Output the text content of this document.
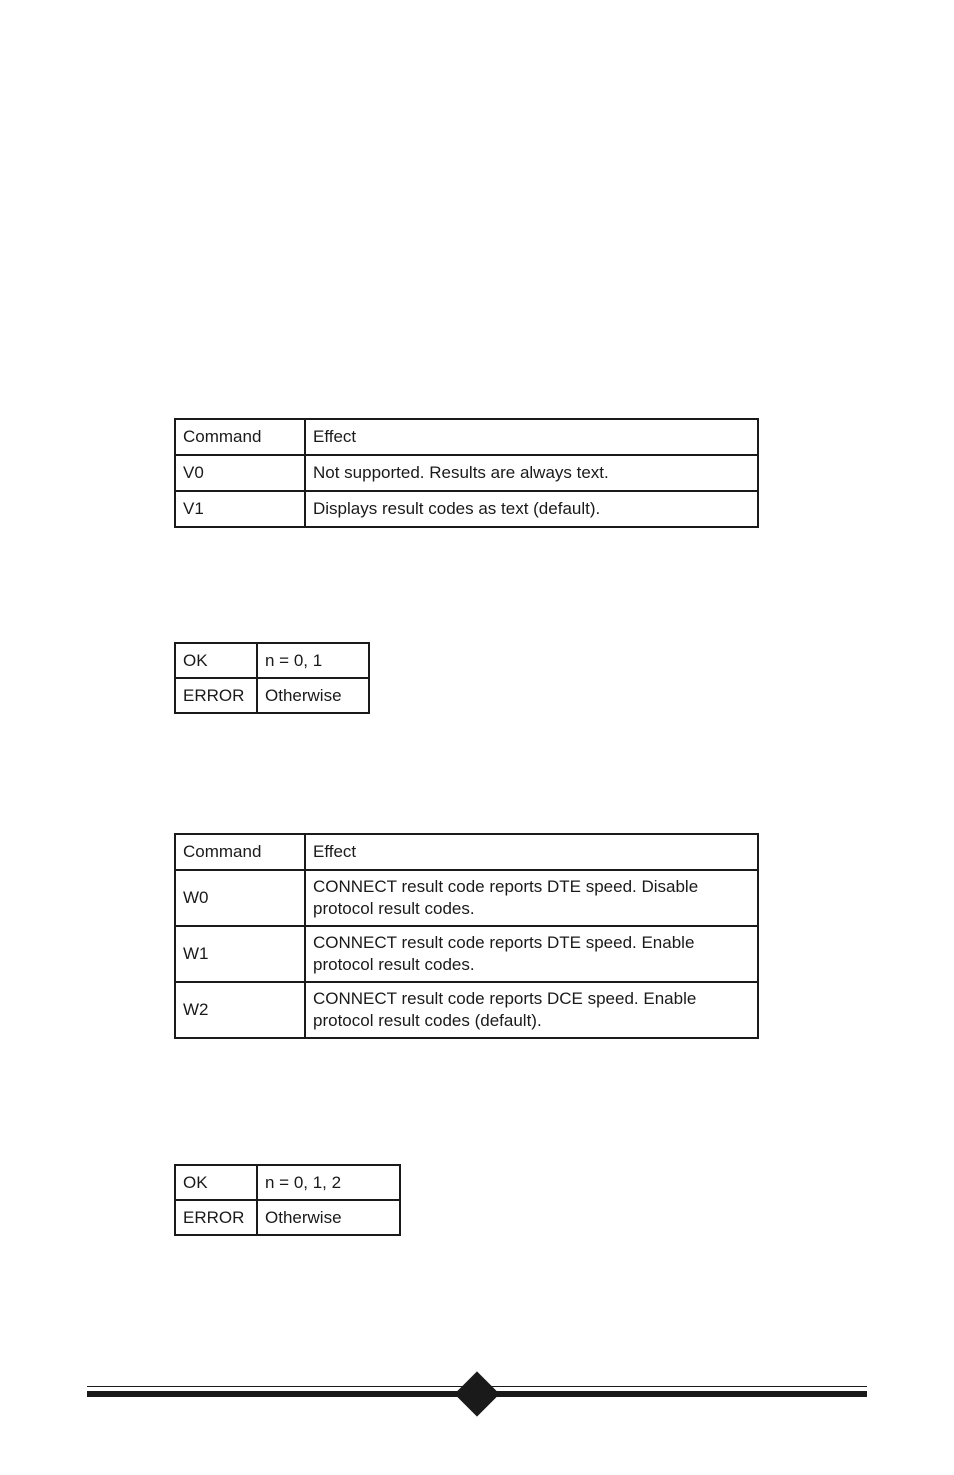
Command	Effect
V0	Not supported. Results are always text.
V1	Displays result codes as text (default).
OK	n = 0, 1
ERROR	Otherwise
Command	Effect
W0	CONNECT result code reports DTE speed. Disable
protocol result codes.

W1	CONNECT result code reports DTE speed. Enable
protocol result codes.

W2	CONNECT result code reports DCE speed. Enable
protocol result codes (default).
OK	n = 0, 1, 2
ERROR	Otherwise
